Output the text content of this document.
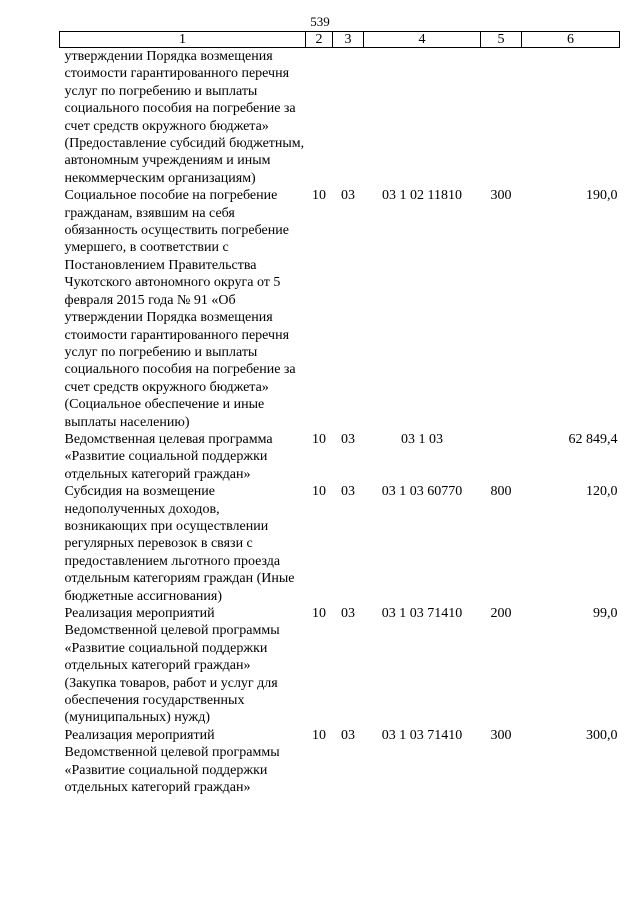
539
1	2	3	4	5	6
утверждении Порядка возмещения стоимости гарантированного перечня услуг по погребению и выплаты социального пособия на погребение за счет средств окружного бюджета» (Предоставление субсидий бюджетным, автономным учреждениям и иным некоммерческим организациям)					
Социальное пособие на погребение гражданам, взявшим на себя обязанность осуществить погребение умершего, в соответствии с Постановлением Правительства Чукотского автономного округа от 5 февраля 2015 года № 91 «Об утверждении Порядка возмещения стоимости гарантированного перечня услуг по погребению и выплаты социального пособия на погребение за счет средств окружного бюджета» (Социальное обеспечение и иные выплаты населению)	10	03	03 1 02 11810	300	190,0
Ведомственная целевая программа «Развитие социальной поддержки отдельных категорий граждан»	10	03	03 1 03		62 849,4
Субсидия на возмещение недополученных доходов, возникающих при осуществлении регулярных перевозок в связи с предоставлением льготного проезда отдельным категориям граждан (Иные бюджетные ассигнования)	10	03	03 1 03 60770	800	120,0
Реализация мероприятий Ведомственной целевой программы «Развитие социальной поддержки отдельных категорий граждан» (Закупка товаров, работ и услуг для обеспечения государственных (муниципальных) нужд)	10	03	03 1 03 71410	200	99,0
Реализация мероприятий Ведомственной целевой программы «Развитие социальной поддержки отдельных категорий граждан»	10	03	03 1 03 71410	300	300,0
